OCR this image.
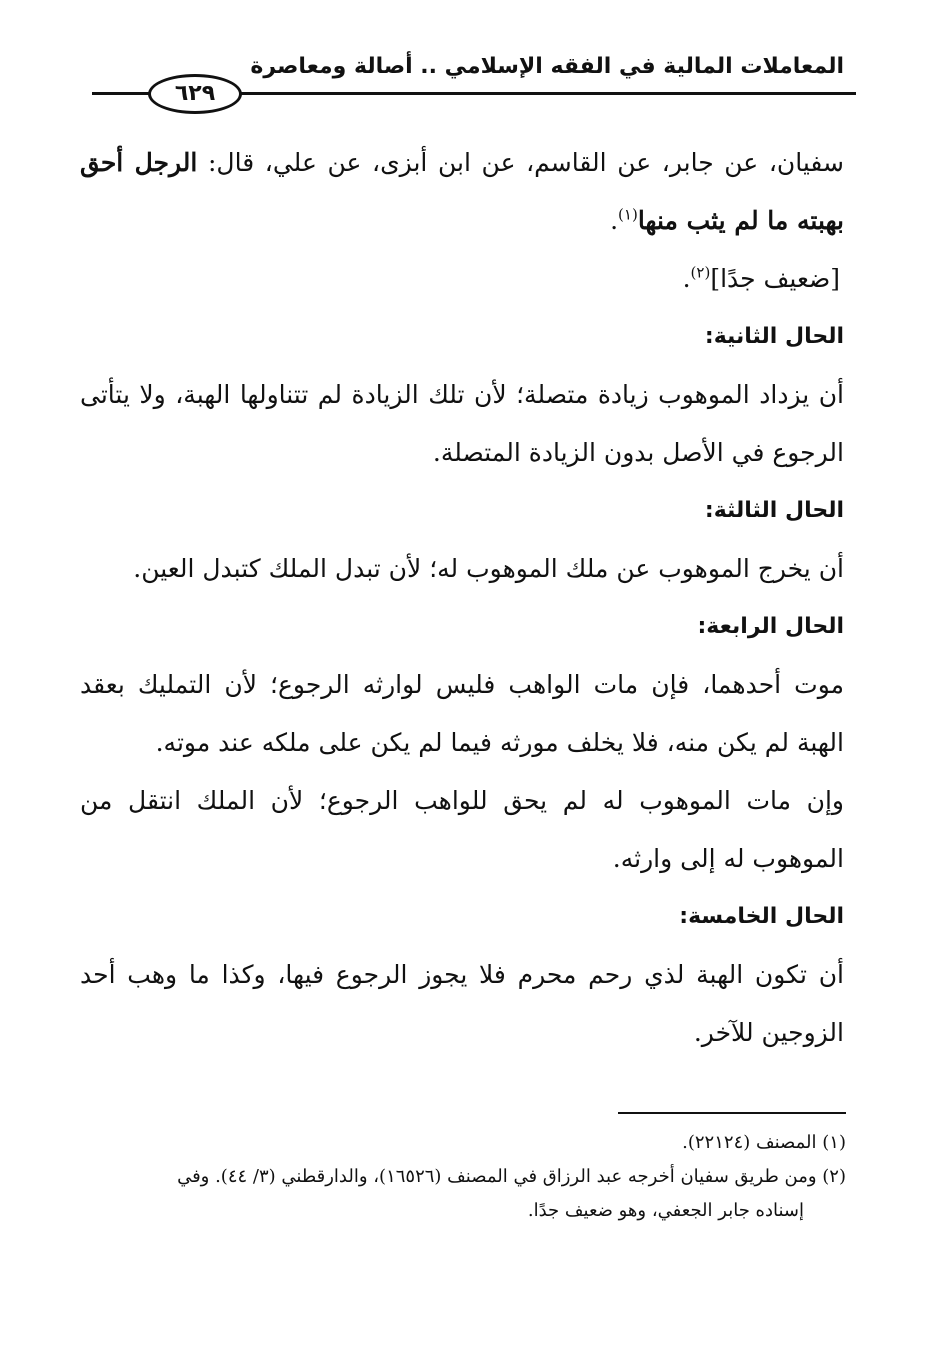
المعاملات المالية في الفقه الإسلامي .. أصالة ومعاصرة
٦٢٩

سفيان، عن جابر، عن القاسم، عن ابن أبزى، عن علي، قال: الرجل أحق بهبته ما لم يثب منها$^{(١)}$.

[ضعيف جدًا]$^{(٢)}$.

الحال الثانية:

أن يزداد الموهوب زيادة متصلة؛ لأن تلك الزيادة لم تتناولها الهبة، ولا يتأتى الرجوع في الأصل بدون الزيادة المتصلة.

الحال الثالثة:

أن يخرج الموهوب عن ملك الموهوب له؛ لأن تبدل الملك كتبدل العين.

الحال الرابعة:

موت أحدهما، فإن مات الواهب فليس لوارثه الرجوع؛ لأن التمليك بعقد الهبة لم يكن منه، فلا يخلف مورثه فيما لم يكن على ملكه عند موته.

وإن مات الموهوب له لم يحق للواهب الرجوع؛ لأن الملك انتقل من الموهوب له إلى وارثه.

الحال الخامسة:

أن تكون الهبة لذي رحم محرم فلا يجوز الرجوع فيها، وكذا ما وهب أحد الزوجين للآخر.

(١) المصنف (٢٢١٢٤).

(٢) ومن طريق سفيان أخرجه عبد الرزاق في المصنف (١٦٥٢٦)، والدارقطني (٣/ ٤٤). وفي

إسناده جابر الجعفي، وهو ضعيف جدًا.
